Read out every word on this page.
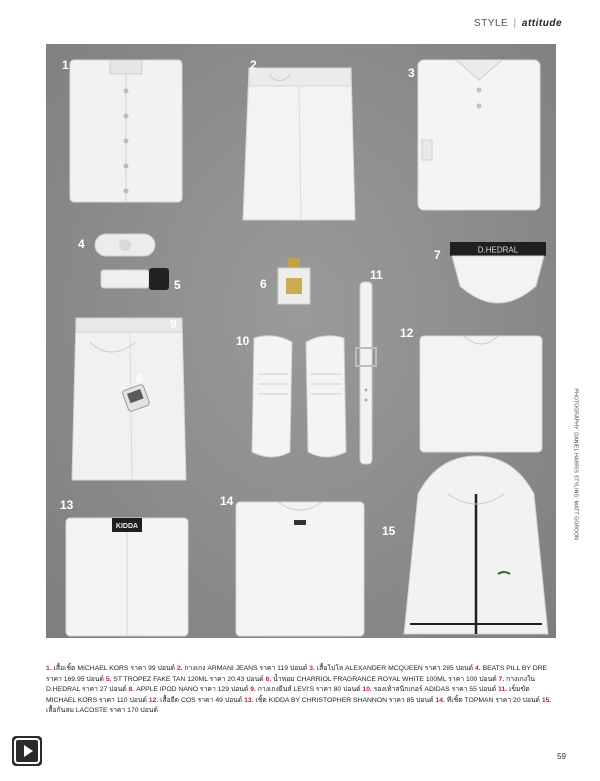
STYLE | attitude
D.HEDRAL
KIDDA
1	2
3
4
5	6
7
8
9
10
11
12
13	14
15	PHOTOGRAPHY: DANIEL HARRIS STYLING: MATT GORDON
1. เสื้อเชิ้ต MICHAEL KORS ราคา 99 ปอนด์ 2. กางเกง ARMANI JEANS ราคา 119 ปอนด์ 3. เสื้อโปโล ALEXANDER MCQUEEN ราคา 285 ปอนด์ 4. BEATS PILL BY DRE ราคา 169.95 ปอนด์ 5. ST TROPEZ FAKE TAN 120ML ราคา 20.43 ปอนด์ 6. น้ำหอม CHARRIOL FRAGRANCE ROYAL WHITE 100ML ราคา 100 ปอนด์ 7. กางเกงใน D.HEDRAL ราคา 27 ปอนด์ 8. APPLE IPOD NANO ราคา 129 ปอนด์ 9. กางเกงยีนส์ LEVI'S ราคา 80 ปอนด์ 10. รองเท้าสนีกเกอร์ ADIDAS ราคา 55 ปอนด์ 11. เข็มขัด MICHAEL KORS ราคา 110 ปอนด์ 12. เสื้อยืด COS ราคา 49 ปอนด์ 13. เชิ้ต KIDDA BY CHRISTOPHER SHANNON ราคา 85 ปอนด์ 14. ทีเชิ้ต TOPMAN ราคา 20 ปอนด์ 15. เสื้อกันลม LACOSTE ราคา 170 ปอนด์
59
